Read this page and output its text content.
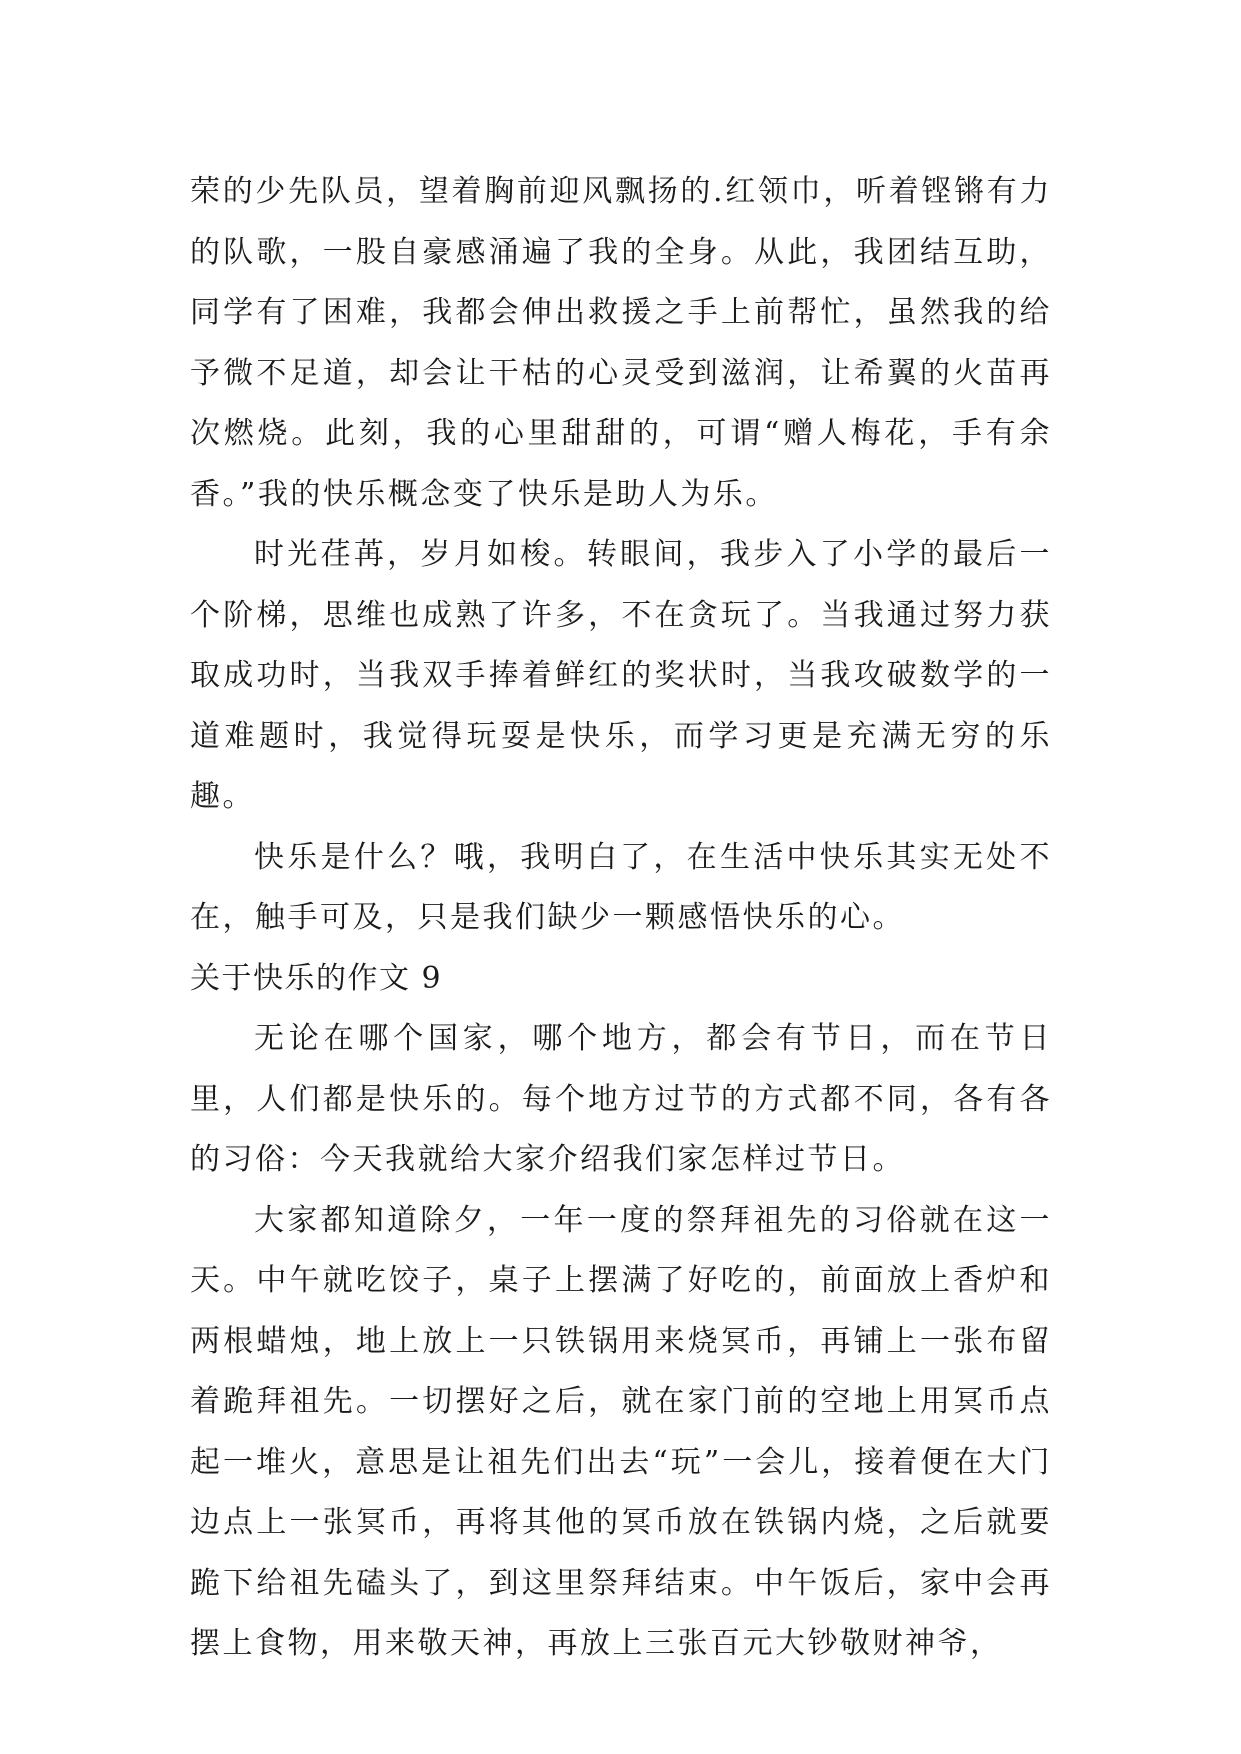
荣的少先队员，望着胸前迎风飘扬的.红领巾，听着铿锵有力的队歌，一股自豪感涌遍了我的全身。从此，我团结互助，同学有了困难，我都会伸出救援之手上前帮忙，虽然我的给予微不足道，却会让干枯的心灵受到滋润，让希翼的火苗再次燃烧。此刻，我的心里甜甜的，可谓“赠人梅花，手有余香。”我的快乐概念变了快乐是助人为乐。

时光荏苒，岁月如梭。转眼间，我步入了小学的最后一个阶梯，思维也成熟了许多，不在贪玩了。当我通过努力获取成功时，当我双手捧着鲜红的奖状时，当我攻破数学的一道难题时，我觉得玩耍是快乐，而学习更是充满无穷的乐趣。

快乐是什么？哦，我明白了，在生活中快乐其实无处不在，触手可及，只是我们缺少一颗感悟快乐的心。

关于快乐的作文 9

无论在哪个国家，哪个地方，都会有节日，而在节日里，人们都是快乐的。每个地方过节的方式都不同，各有各的习俗：今天我就给大家介绍我们家怎样过节日。

大家都知道除夕，一年一度的祭拜祖先的习俗就在这一天。中午就吃饺子，桌子上摆满了好吃的，前面放上香炉和两根蜡烛，地上放上一只铁锅用来烧冥币，再铺上一张布留着跪拜祖先。一切摆好之后，就在家门前的空地上用冥币点起一堆火，意思是让祖先们出去“玩”一会儿，接着便在大门边点上一张冥币，再将其他的冥币放在铁锅内烧，之后就要跪下给祖先磕头了，到这里祭拜结束。中午饭后，家中会再摆上食物，用来敬天神，再放上三张百元大钞敬财神爷，
